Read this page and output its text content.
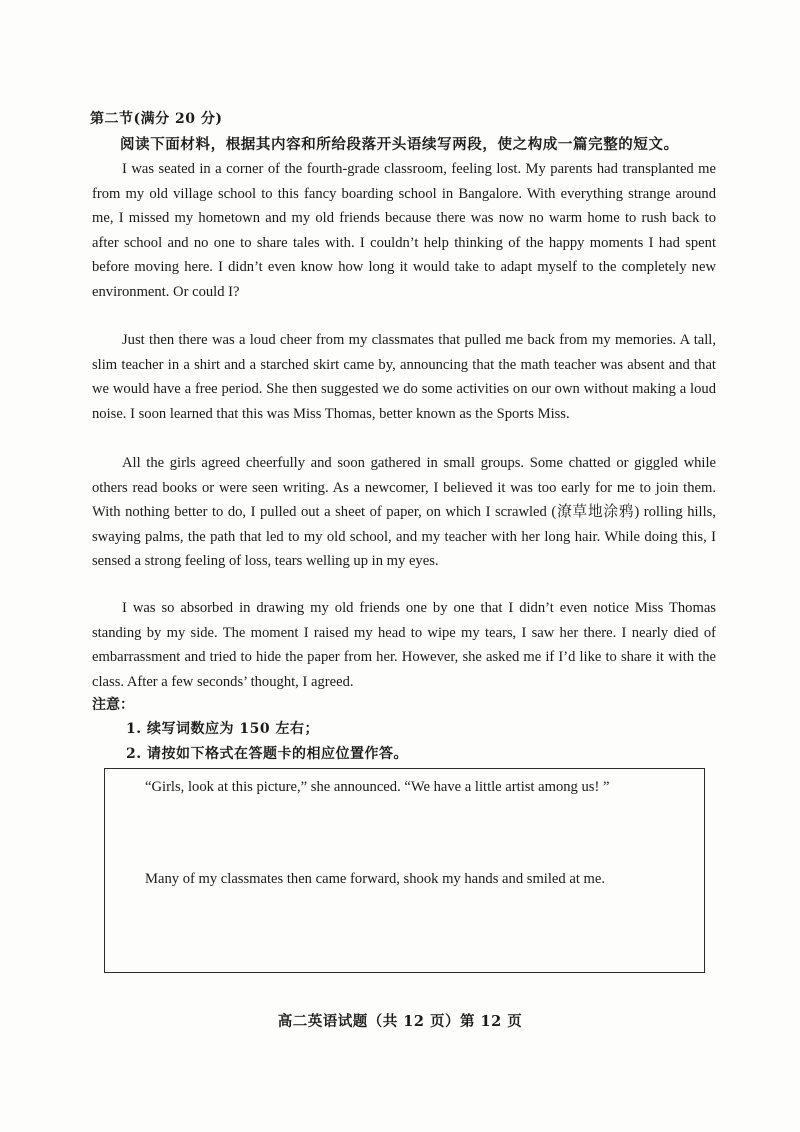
第二节(满分 20 分)
阅读下面材料，根据其内容和所给段落开头语续写两段，使之构成一篇完整的短文。

I was seated in a corner of the fourth-grade classroom, feeling lost. My parents had transplanted me from my old village school to this fancy boarding school in Bangalore. With everything strange around me, I missed my hometown and my old friends because there was now no warm home to rush back to after school and no one to share tales with. I couldn’t help thinking of the happy moments I had spent before moving here. I didn’t even know how long it would take to adapt myself to the completely new environment. Or could I?

Just then there was a loud cheer from my classmates that pulled me back from my memories. A tall, slim teacher in a shirt and a starched skirt came by, announcing that the math teacher was absent and that we would have a free period. She then suggested we do some activities on our own without making a loud noise. I soon learned that this was Miss Thomas, better known as the Sports Miss.

All the girls agreed cheerfully and soon gathered in small groups. Some chatted or giggled while others read books or were seen writing. As a newcomer, I believed it was too early for me to join them. With nothing better to do, I pulled out a sheet of paper, on which I scrawled (潦草地涂鸦) rolling hills, swaying palms, the path that led to my old school, and my teacher with her long hair. While doing this, I sensed a strong feeling of loss, tears welling up in my eyes.

I was so absorbed in drawing my old friends one by one that I didn’t even notice Miss Thomas standing by my side. The moment I raised my head to wipe my tears, I saw her there. I nearly died of embarrassment and tried to hide the paper from her. However, she asked me if I’d like to share it with the class. After a few seconds’ thought, I agreed.

注意：
1. 续写词数应为 150 左右；
2. 请按如下格式在答题卡的相应位置作答。
“Girls, look at this picture,” she announced. “We have a little artist among us! ”
Many of my classmates then came forward, shook my hands and smiled at me.
高二英语试题（共 12 页）第 12 页
